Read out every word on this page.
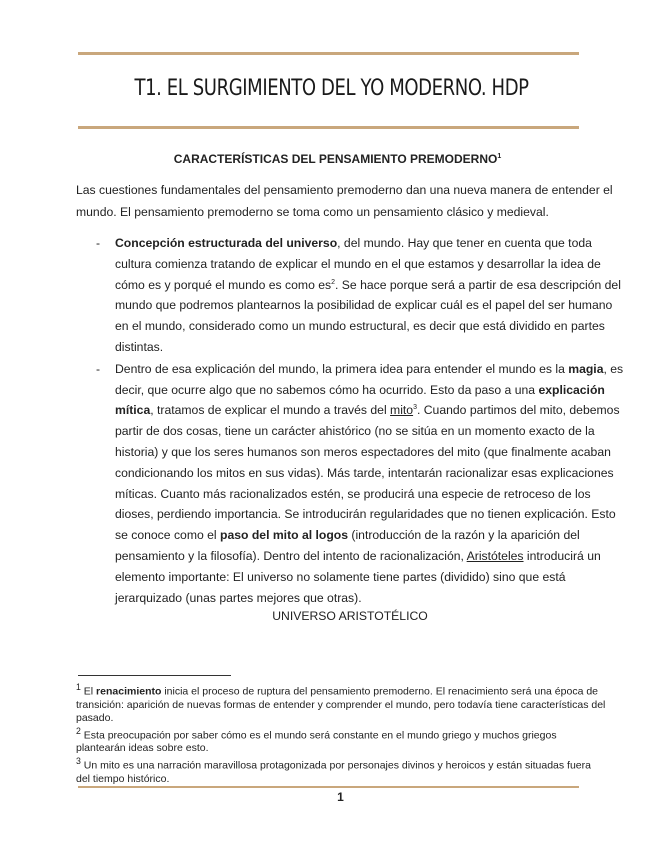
T1. EL SURGIMIENTO DEL YO MODERNO. HDP
CARACTERÍSTICAS DEL PENSAMIENTO PREMODERNO$^1$
Las cuestiones fundamentales del pensamiento premoderno dan una nueva manera de entender el mundo. El pensamiento premoderno se toma como un pensamiento clásico y medieval.
- Concepción estructurada del universo, del mundo. Hay que tener en cuenta que toda cultura comienza tratando de explicar el mundo en el que estamos y desarrollar la idea de cómo es y porqué el mundo es como $es^2$. Se hace porque será a partir de esa descripción del mundo que podremos plantearnos la posibilidad de explicar cuál es el papel del ser humano en el mundo, considerado como un mundo estructural, es decir que está dividido en partes distintas.
- Dentro de esa explicación del mundo, la primera idea para entender el mundo es la magia, es decir, que ocurre algo que no sabemos cómo ha ocurrido. Esto da paso a una explicación mítica, tratamos de explicar el mundo a través del mito$^3$. Cuando partimos del mito, debemos partir de dos cosas, tiene un carácter ahistórico (no se sitúa en un momento exacto de la historia) y que los seres humanos son meros espectadores del mito (que finalmente acaban condicionando los mitos en sus vidas). Más tarde, intentarán racionalizar esas explicaciones míticas. Cuanto más racionalizados estén, se producirá una especie de retroceso de los dioses, perdiendo importancia. Se introducirán regularidades que no tienen explicación. Esto se conoce como el paso del mito al logos (introducción de la razón y la aparición del pensamiento y la filosofía). Dentro del intento de racionalización, Aristóteles introducirá un elemento importante: El universo no solamente tiene partes (dividido) sino que está jerarquizado (unas partes mejores que otras).
UNIVERSO ARISTOTÉLICO

$^1$ El renacimiento inicia el proceso de ruptura del pensamiento premoderno. El renacimiento será una época de transición: aparición de nuevas formas de entender y comprender el mundo, pero todavía tiene características del pasado.

$^2$ Esta preocupación por saber cómo es el mundo será constante en el mundo griego y muchos griegos plantearán ideas sobre esto.

$^3$ Un mito es una narración maravillosa protagonizada por personajes divinos y heroicos y están situadas fuera del tiempo histórico.

1
